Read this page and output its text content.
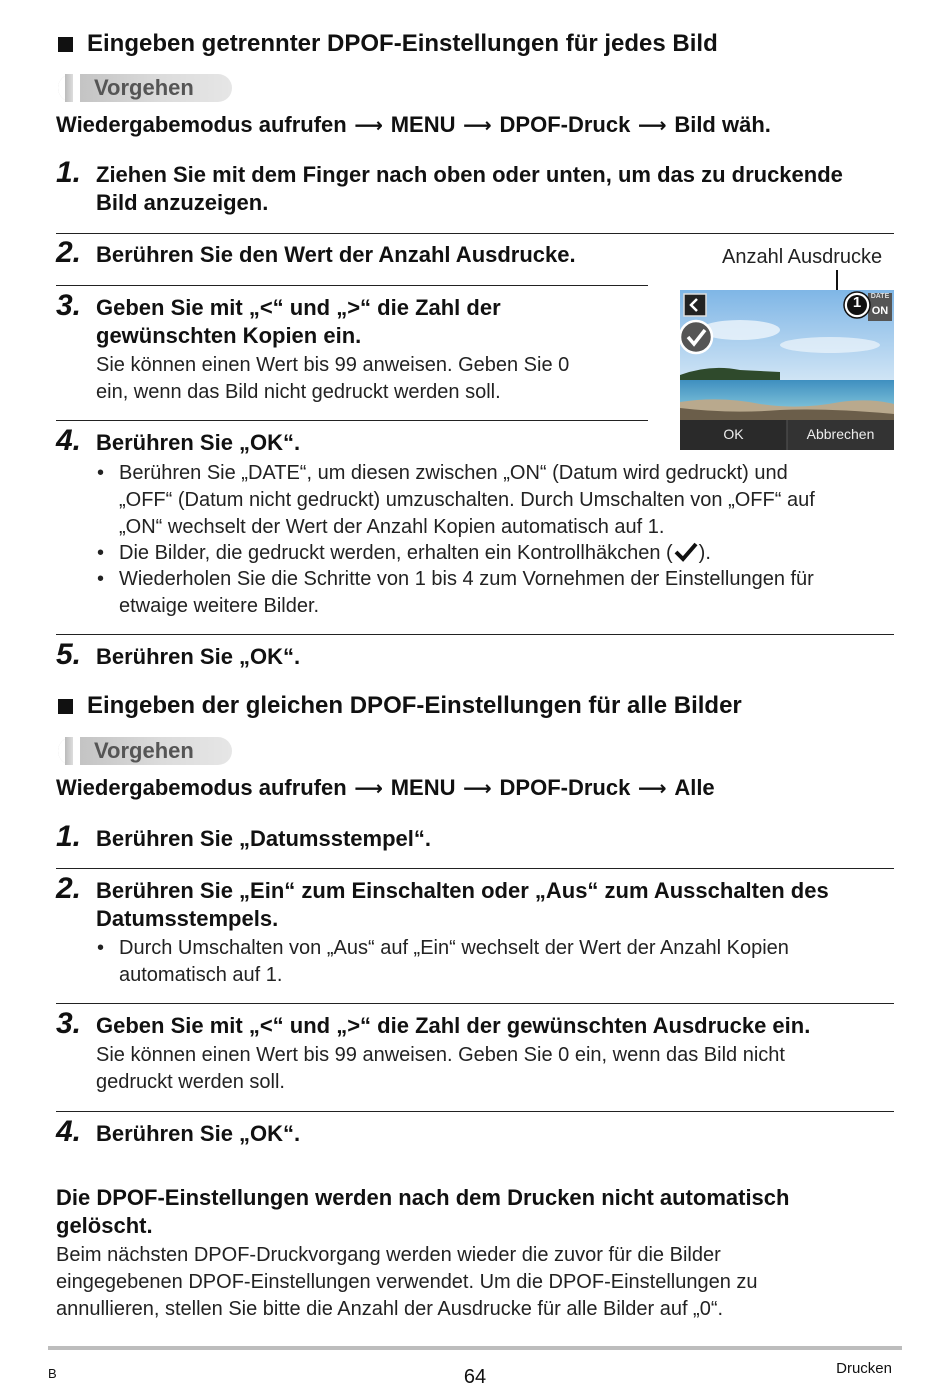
Eingeben getrennter DPOF-Einstellungen für jedes Bild
Vorgehen
Wiedergabemodus aufrufen ⟶ MENU ⟶ DPOF-Druck ⟶ Bild wäh.
1. Ziehen Sie mit dem Finger nach oben oder unten, um das zu druckende
Bild anzuzeigen.
2. Berühren Sie den Wert der Anzahl Ausdrucke.
3. Geben Sie mit „<“ und „>“ die Zahl der
gewünschten Kopien ein.
Sie können einen Wert bis 99 anweisen. Geben Sie 0
ein, wenn das Bild nicht gedruckt werden soll.
Anzahl Ausdrucke
1	DATE
ON
OK	Abbrechen
4. Berühren Sie „OK“.
• Berühren Sie „DATE“, um diesen zwischen „ON“ (Datum wird gedruckt) und
„OFF“ (Datum nicht gedruckt) umzuschalten. Durch Umschalten von „OFF“ auf
„ON“ wechselt der Wert der Anzahl Kopien automatisch auf 1.
• Die Bilder, die gedruckt werden, erhalten ein Kontrollhäkchen ( ).
• Wiederholen Sie die Schritte von 1 bis 4 zum Vornehmen der Einstellungen für
etwaige weitere Bilder.
5. Berühren Sie „OK“.
Eingeben der gleichen DPOF-Einstellungen für alle Bilder
Vorgehen
Wiedergabemodus aufrufen ⟶ MENU ⟶ DPOF-Druck ⟶ Alle
1. Berühren Sie „Datumsstempel“.
2. Berühren Sie „Ein“ zum Einschalten oder „Aus“ zum Ausschalten des
Datumsstempels.
• Durch Umschalten von „Aus“ auf „Ein“ wechselt der Wert der Anzahl Kopien
automatisch auf 1.
3. Geben Sie mit „<“ und „>“ die Zahl der gewünschten Ausdrucke ein.
Sie können einen Wert bis 99 anweisen. Geben Sie 0 ein, wenn das Bild nicht
gedruckt werden soll.
4. Berühren Sie „OK“.
Die DPOF-Einstellungen werden nach dem Drucken nicht automatisch
gelöscht.
Beim nächsten DPOF-Druckvorgang werden wieder die zuvor für die Bilder
eingegebenen DPOF-Einstellungen verwendet. Um die DPOF-Einstellungen zu
annullieren, stellen Sie bitte die Anzahl der Ausdrucke für alle Bilder auf „0“.
B	64	Drucken
